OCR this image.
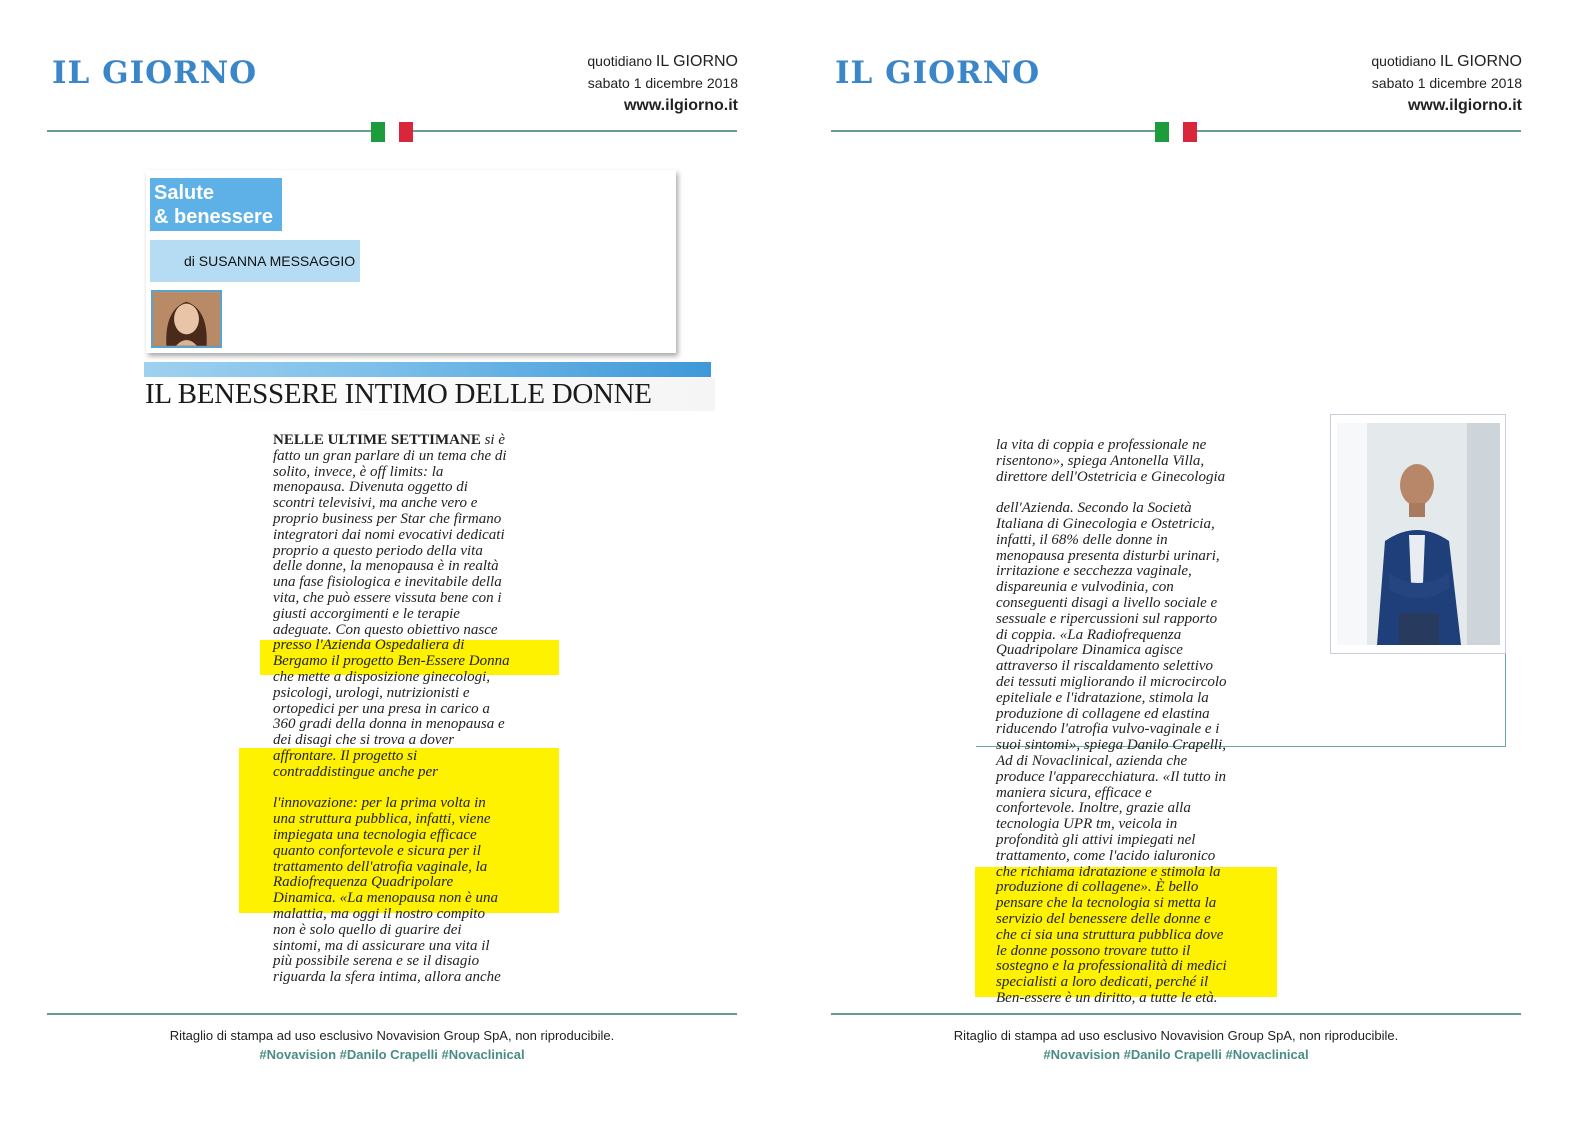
IL GIORNO	quotidiano IL GIORNO
sabato 1 dicembre 2018
www.ilgiorno.it
Salute
& benessere
di SUSANNA MESSAGGIO
IL BENESSERE INTIMO DELLE DONNE
NELLE ULTIME SETTIMANE si è
fatto un gran parlare di un tema che di
solito, invece, è off limits: la
menopausa. Divenuta oggetto di
scontri televisivi, ma anche vero e
proprio business per Star che firmano
integratori dai nomi evocativi dedicati
proprio a questo periodo della vita
delle donne, la menopausa è in realtà
una fase fisiologica e inevitabile della
vita, che può essere vissuta bene con i
giusti accorgimenti e le terapie
adeguate. Con questo obiettivo nasce
presso l'Azienda Ospedaliera di
Bergamo il progetto Ben-Essere Donna
che mette a disposizione ginecologi,
psicologi, urologi, nutrizionisti e
ortopedici per una presa in carico a
360 gradi della donna in menopausa e
dei disagi che si trova a dover
affrontare. Il progetto si
contraddistingue anche per
l'innovazione: per la prima volta in
una struttura pubblica, infatti, viene
impiegata una tecnologia efficace
quanto confortevole e sicura per il
trattamento dell'atrofia vaginale, la
Radiofrequenza Quadripolare
Dinamica. «La menopausa non è una
malattia, ma oggi il nostro compito
non è solo quello di guarire dei
sintomi, ma di assicurare una vita il
più possibile serena e se il disagio
riguarda la sfera intima, allora anche
Ritaglio di stampa ad uso esclusivo Novavision Group SpA, non riproducibile.
#Novavision #Danilo Crapelli #Novaclinical
IL GIORNO	quotidiano IL GIORNO
sabato 1 dicembre 2018
www.ilgiorno.it
la vita di coppia e professionale ne
risentono», spiega Antonella Villa,
direttore dell'Ostetricia e Ginecologia
dell'Azienda. Secondo la Società
Italiana di Ginecologia e Ostetricia,
infatti, il 68% delle donne in
menopausa presenta disturbi urinari,
irritazione e secchezza vaginale,
dispareunia e vulvodinia, con
conseguenti disagi a livello sociale e
sessuale e ripercussioni sul rapporto
di coppia. «La Radiofrequenza
Quadripolare Dinamica agisce
attraverso il riscaldamento selettivo
dei tessuti migliorando il microcircolo
epiteliale e l'idratazione, stimola la
produzione di collagene ed elastina
riducendo l'atrofia vulvo-vaginale e i
suoi sintomi», spiega Danilo Crapelli,
Ad di Novaclinical, azienda che
produce l'apparecchiatura. «Il tutto in
maniera sicura, efficace e
confortevole. Inoltre, grazie alla
tecnologia UPR tm, veicola in
profondità gli attivi impiegati nel
trattamento, come l'acido ialuronico
che richiama idratazione e stimola la
produzione di collagene». È bello
pensare che la tecnologia si metta la
servizio del benessere delle donne e
che ci sia una struttura pubblica dove
le donne possono trovare tutto il
sostegno e la professionalità di medici
specialisti a loro dedicati, perché il
Ben-essere è un diritto, a tutte le età.
Ritaglio di stampa ad uso esclusivo Novavision Group SpA, non riproducibile.
#Novavision #Danilo Crapelli #Novaclinical
